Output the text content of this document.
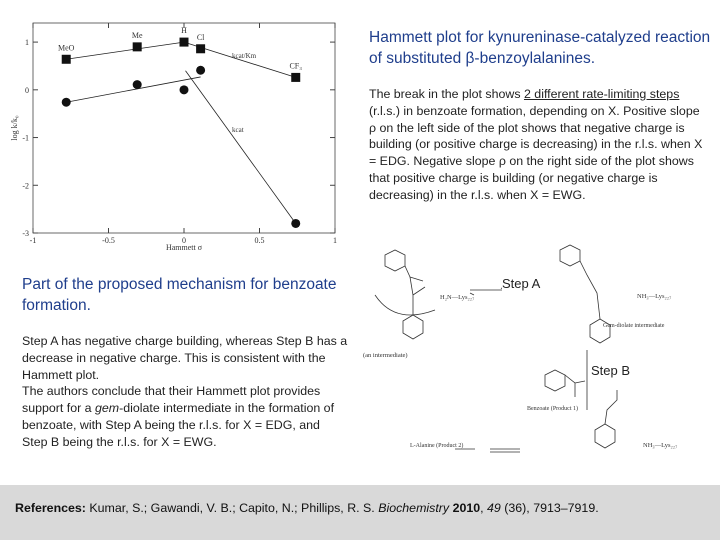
-1	-0.5	0	0.5	1
-3
-2
-1
0
1
Hammett σ
log k/k₀
MeO
Me
H
Cl
CF₃
kcat/Km
kcat
Hammett plot for kynureninase-catalyzed reaction of substituted β-benzoylalanines.
The break in the plot shows 2 different rate-limiting steps (r.l.s.) in benzoate formation, depending on X. Positive slope ρ on the left side of the plot shows that negative charge is building (or positive charge is decreasing) in the r.l.s. when X = EDG. Negative slope ρ on the right side of the plot shows that positive charge is building (or negative charge is decreasing) in the r.l.s. when X = EWG.
Part of the proposed mechanism for benzoate formation.
Step A has negative charge building, whereas Step B has a decrease in negative charge. This is consistent with the Hammett plot.
The authors conclude that their Hammett plot provides support for a gem-diolate intermediate in the formation of benzoate, with Step A being the r.l.s. for X = EDG, and Step B being the r.l.s. for X = EWG.
H₂N—Lys₂₂₇	NH₃—Lys₂₂₇
NH₃—Lys₂₂₇
(an intermediate)
Gem-diolate intermediate
Benzoate (Product 1)
L-Alanine (Product 2)
Step A
Step B

References: Kumar, S.; Gawandi, V. B.; Capito, N.; Phillips, R. S. Biochemistry 2010, 49 (36), 7913–7919.
